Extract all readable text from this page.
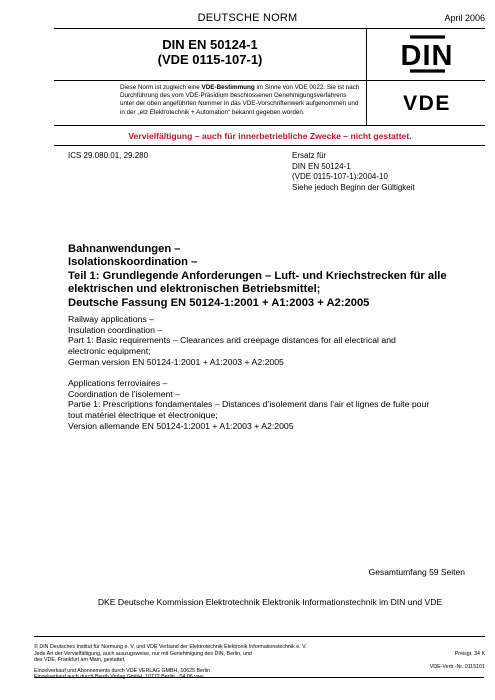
DEUTSCHE NORM	April 2006
DIN EN 50124-1
(VDE 0115-107-1)	DIN
VDE
Diese Norm ist zugleich eine VDE-Bestimmung im Sinne von VDE 0022. Sie ist nach Durchführung des vom VDE-Präsidium beschlossenen Genehmigungsverfahrens unter der oben angeführten Nummer in das VDE-Vorschriftenwerk aufgenommen und in der „etz Elektrotechnik + Automation“ bekannt gegeben worden.
Vervielfältigung – auch für innerbetriebliche Zwecke – nicht gestattet.
ICS 29.080.01, 29.280	Ersatz für
DIN EN 50124-1
(VDE 0115-107-1):2004-10
Siehe jedoch Beginn der Gültigkeit
Bahnanwendungen –
Isolationskoordination –
Teil 1: Grundlegende Anforderungen – Luft- und Kriechstrecken für alle
elektrischen und elektronischen Betriebsmittel;
Deutsche Fassung EN 50124-1:2001 + A1:2003 + A2:2005
Railway applications –
Insulation coordination –
Part 1: Basic requirements – Clearances and creepage distances for all electrical and
electronic equipment;
German version EN 50124-1:2001 + A1:2003 + A2:2005
Applications ferroviaires –
Coordination de l’isolement –
Partie 1: Prescriptions fondamentales – Distances d’isolement dans l’air et lignes de fuite pour
tout matériel électrique et électronique;
Version allemande EN 50124-1:2001 + A1:2003 + A2:2005
Gesamtumfang 59 Seiten
DKE Deutsche Kommission Elektrotechnik Elektronik Informationstechnik im DIN und VDE
© DIN Deutsches Institut für Normung e. V. und VDE Verband der Elektrotechnik Elektronik Informationstechnik e. V.
Jede Art der Vervielfältigung, auch auszugsweise, nur mit Genehmigung des DIN, Berlin, und
des VDE, Frankfurt am Main, gestattet.
Einzelverkauf und Abonnements durch VDE VERLAG GMBH, 10625 Berlin
Einzelverkauf auch durch Beuth Verlag GmbH, 10772 Berlin · 04.06 vwu
Preisgr. 34 K
VDE-Vertr.-Nr. 0115101
